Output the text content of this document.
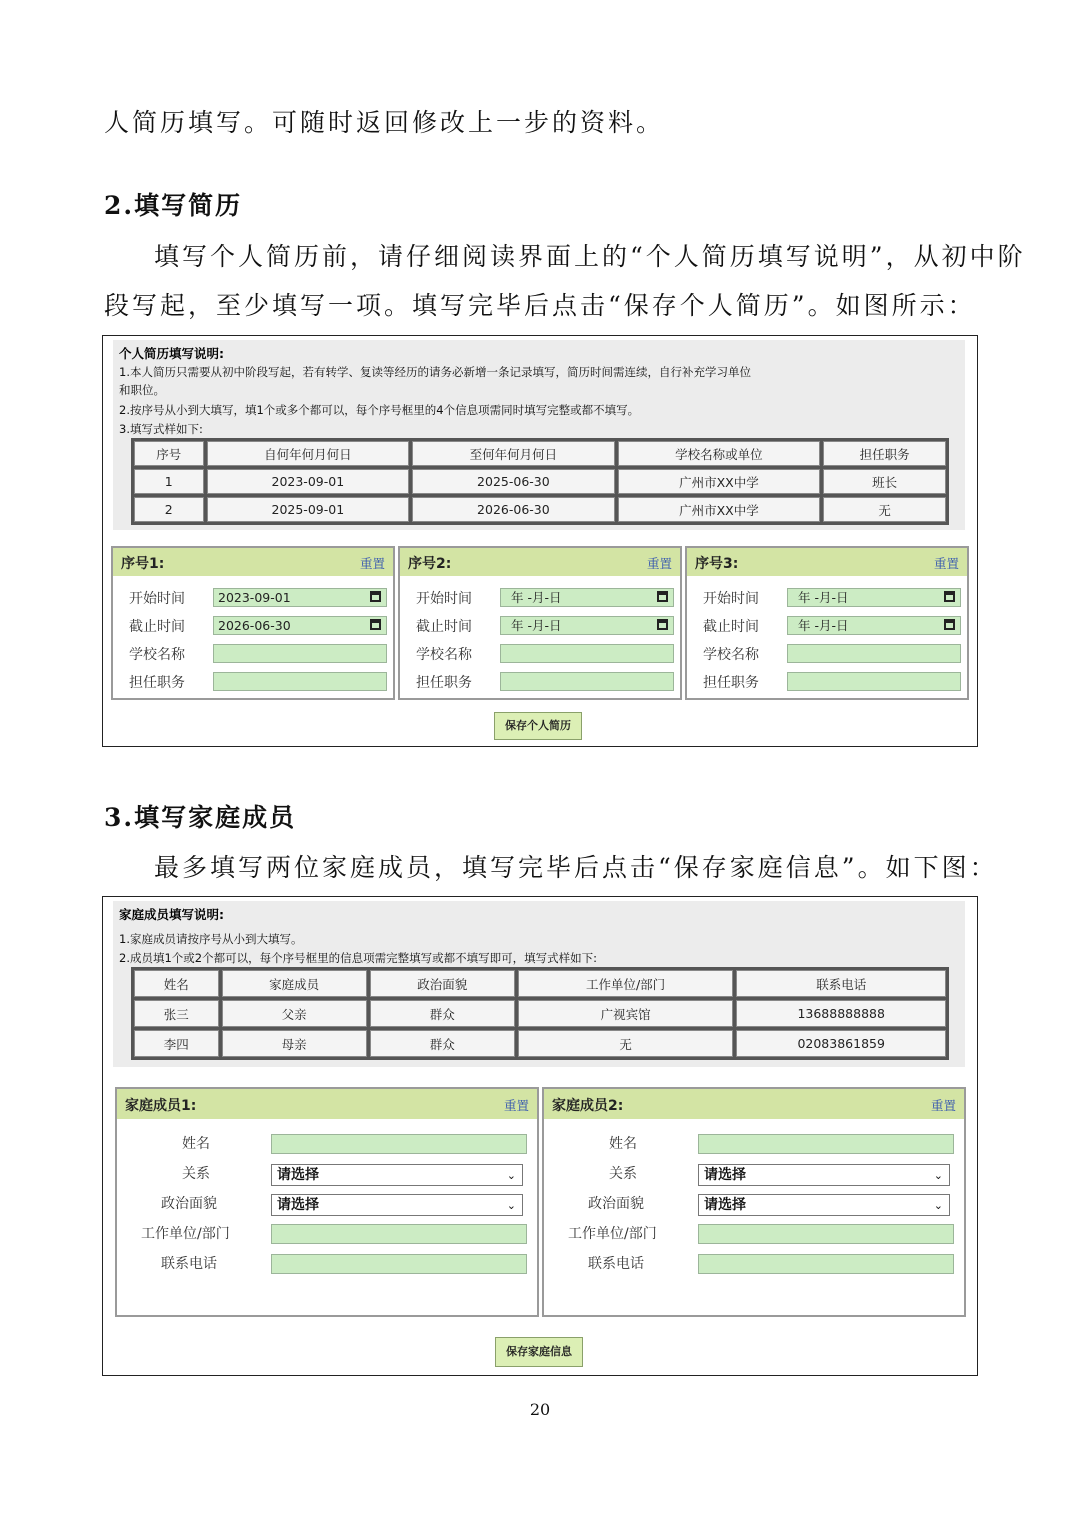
人简历填写。可随时返回修改上一步的资料。
2.填写简历
填写个人简历前，请仔细阅读界面上的“个人简历填写说明”，从初中阶
段写起，至少填写一项。填写完毕后点击“保存个人简历”。如图所示：
个人简历填写说明:
1.本人简历只需要从初中阶段写起，若有转学、复读等经历的请务必新增一条记录填写，简历时间需连续，自行补充学习单位
和职位。
2.按序号从小到大填写，填1个或多个都可以，每个序号框里的4个信息项需同时填写完整或都不填写。
3.填写式样如下:
序号	自何年何月何日	至何年何月何日	学校名称或单位	担任职务
1	2023-09-01	2025-06-30	广州市XX中学	班长
2	2025-09-01	2026-06-30	广州市XX中学	无
序号1:	重置
开始时间	2023-09-01
截止时间	2026-06-30
学校名称
担任职务
序号2:	重置
开始时间	年 -月-日
截止时间	年 -月-日
学校名称
担任职务
序号3:	重置
开始时间	年 -月-日
截止时间	年 -月-日
学校名称
担任职务
保存个人简历
3.填写家庭成员
最多填写两位家庭成员，填写完毕后点击“保存家庭信息”。如下图：
家庭成员填写说明:
1.家庭成员请按序号从小到大填写。
2.成员填1个或2个都可以，每个序号框里的信息项需完整填写或都不填写即可，填写式样如下:
姓名	家庭成员	政治面貌	工作单位/部门	联系电话
张三	父亲	群众	广视宾馆	13688888888
李四	母亲	群众	无	02083861859
家庭成员1:	重置
姓名
关系	请选择	⌄
政治面貌	请选择	⌄
工作单位/部门
联系电话
家庭成员2:	重置
姓名
关系	请选择	⌄
政治面貌	请选择	⌄
工作单位/部门
联系电话
保存家庭信息
20
